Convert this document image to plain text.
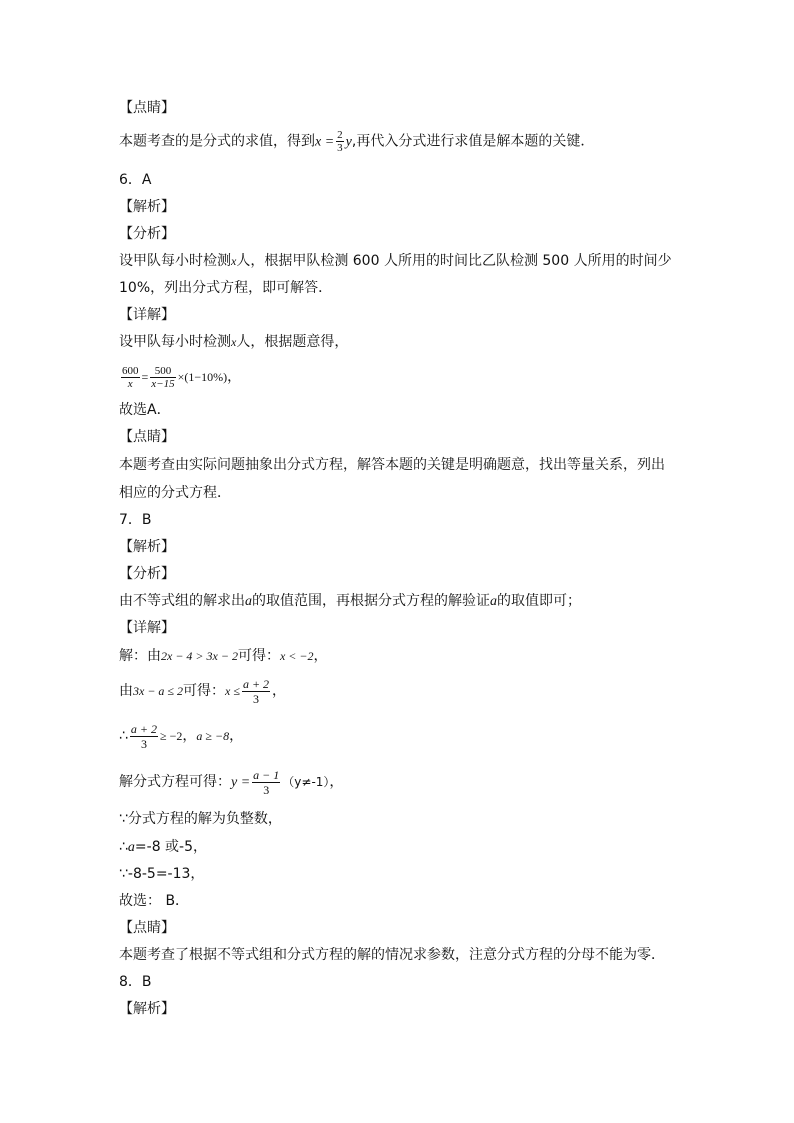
【点睛】
本题考查的是分式的求值，得到$x = \frac{2}{3} y$,再代入分式进行求值是解本题的关键．
6．A
【解析】
【分析】
设甲队每小时检测x人，根据甲队检测 600 人所用的时间比乙队检测 500 人所用的时间少
10%，列出分式方程，即可解答．
【详解】
设甲队每小时检测x人，根据题意得，
$\frac{600}{x} = \frac{500}{x-15} \times(1-10\%)$，
故选A．
【点睛】
本题考查由实际问题抽象出分式方程，解答本题的关键是明确题意，找出等量关系，列出
相应的分式方程．
7．B
【解析】
【分析】
由不等式组的解求出a的取值范围，再根据分式方程的解验证a的取值即可；
【详解】
解：由2x − 4 > 3x − 2可得：x < −2，
由3x − a ≤ 2可得：$x \le \frac{a + 2}{3}$ ，
∴ $\frac{a + 2}{3} \ge -2$，a ≥ −8，
解分式方程可得：$y = \frac{a - 1}{3} (y\ne-1)$，
∵分式方程的解为负整数，
∴a=-8 或-5，
∵-8-5=-13，
故选： B．
【点睛】
本题考查了根据不等式组和分式方程的解的情况求参数，注意分式方程的分母不能为零．
8．B
【解析】
